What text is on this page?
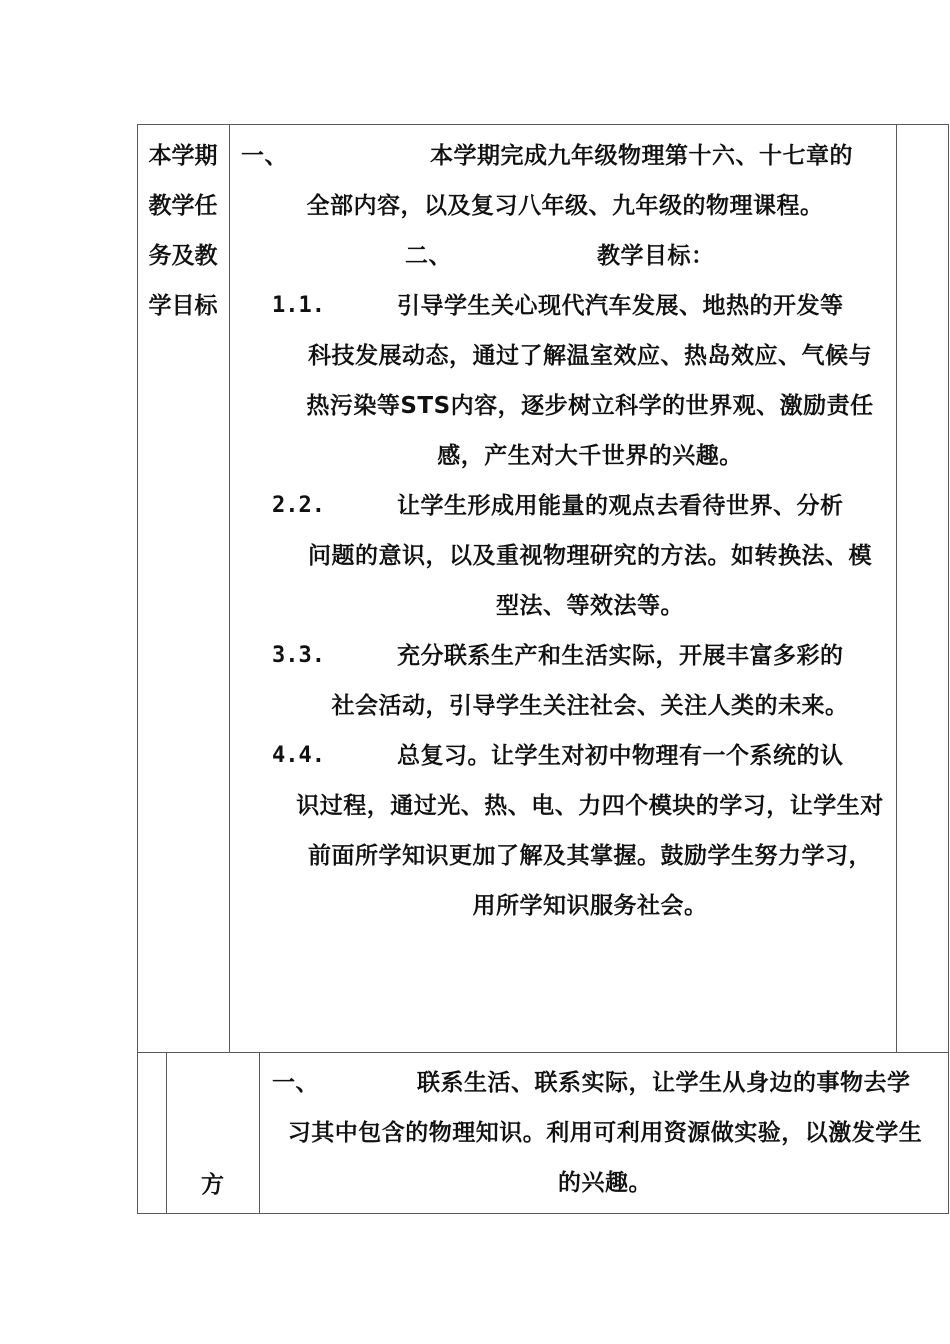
本学期
教学任
务及教
学目标
一、	本学期完成九年级物理第十六、十七章的
全部内容，以及复习八年级、九年级的物理课程。
二、	教学目标：
1.1.	引导学生关心现代汽车发展、地热的开发等
科技发展动态，通过了解温室效应、热岛效应、气候与
热污染等STS内容，逐步树立科学的世界观、激励责任
感，产生对大千世界的兴趣。
2.2.	让学生形成用能量的观点去看待世界、分析
问题的意识，以及重视物理研究的方法。如转换法、模
型法、等效法等。
3.3.	充分联系生产和生活实际，开展丰富多彩的
社会活动，引导学生关注社会、关注人类的未来。
4.4.	总复习。让学生对初中物理有一个系统的认
识过程，通过光、热、电、力四个模块的学习，让学生对
前面所学知识更加了解及其掌握。鼓励学生努力学习，
用所学知识服务社会。
方
一、	联系生活、联系实际，让学生从身边的事物去学
习其中包含的物理知识。利用可利用资源做实验，以激发学生
的兴趣。
